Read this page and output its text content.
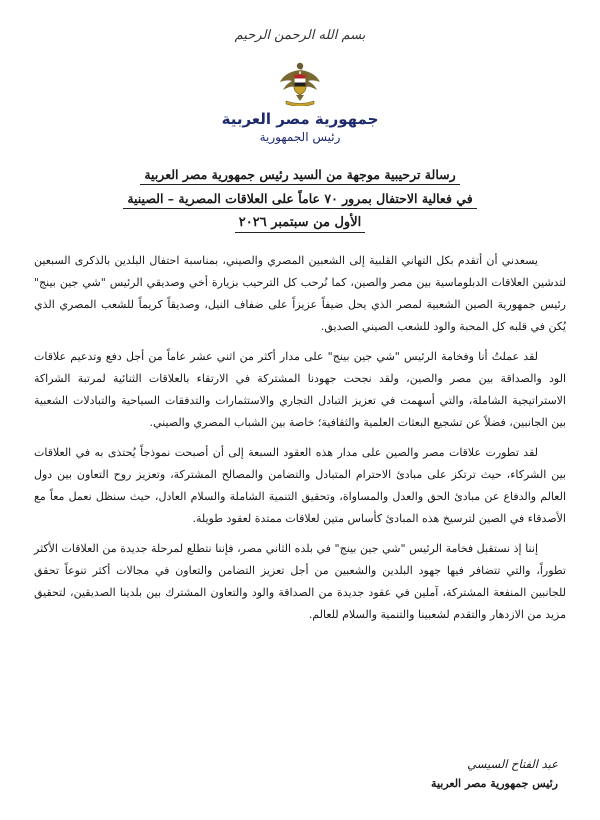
بسم الله الرحمن الرحيم
جمهورية مصر العربية
رئيس الجمهورية
رسالة ترحيبية موجهة من السيد رئيس جمهورية مصر العربية
في فعالية الاحتفال بمرور ٧٠ عاماً على العلاقات المصرية – الصينية
الأول من سبتمبر ٢٠٢٦

يسعدني أن أتقدم بكل التهاني القلبية إلى الشعبين المصري والصيني، بمناسبة احتفال البلدين بالذكرى السبعين لتدشين العلاقات الدبلوماسية بين مصر والصين، كما نُرحب كل الترحيب بزيارة أخي وصديقي الرئيس "شي جين بينج" رئيس جمهورية الصين الشعبية لمصر الذي يحل ضيفاً عزيزاً على ضفاف النيل، وصديقاً كريماً للشعب المصري الذي يُكن في قلبه كل المحبة والود للشعب الصيني الصديق.

لقد عملتُ أنا وفخامة الرئيس "شي جين بينج" على مدار أكثر من اثني عشر عاماً من أجل دفع وتدعيم علاقات الود والصداقة بين مصر والصين، ولقد نجحت جهودنا المشتركة في الارتقاء بالعلاقات الثنائية لمرتبة الشراكة الاستراتيجية الشاملة، والتي أسهمت في تعزيز التبادل التجاري والاستثمارات والتدفقات السياحية والتبادلات الشعبية بين الجانبين، فضلاً عن تشجيع البعثات العلمية والثقافية؛ خاصة بين الشباب المصري والصيني.

لقد تطورت علاقات مصر والصين على مدار هذه العقود السبعة إلى أن أصبحت نموذجاً يُحتذى به في العلاقات بين الشركاء، حيث ترتكز على مبادئ الاحترام المتبادل والتضامن والمصالح المشتركة، وتعزيز روح التعاون بين دول العالم والدفاع عن مبادئ الحق والعدل والمساواة، وتحقيق التنمية الشاملة والسلام العادل، حيث سنظل نعمل معاً مع الأصدقاء في الصين لترسيخ هذه المبادئ كأساس متين لعلاقات ممتدة لعقود طويلة.

إننا إذ نستقبل فخامة الرئيس "شي جين بينج" في بلده الثاني مصر، فإننا نتطلع لمرحلة جديدة من العلاقات الأكثر تطوراً، والتي تتضافر فيها جهود البلدين والشعبين من أجل تعزيز التضامن والتعاون في مجالات أكثر تنوعاً تحقق للجانبين المنفعة المشتركة، آملين في عقود جديدة من الصداقة والود والتعاون المشترك بين بلدينا الصديقين، لتحقيق مزيد من الازدهار والتقدم لشعبينا والتنمية والسلام للعالم.

عبد الفتاح السيسي
رئيس جمهورية مصر العربية
